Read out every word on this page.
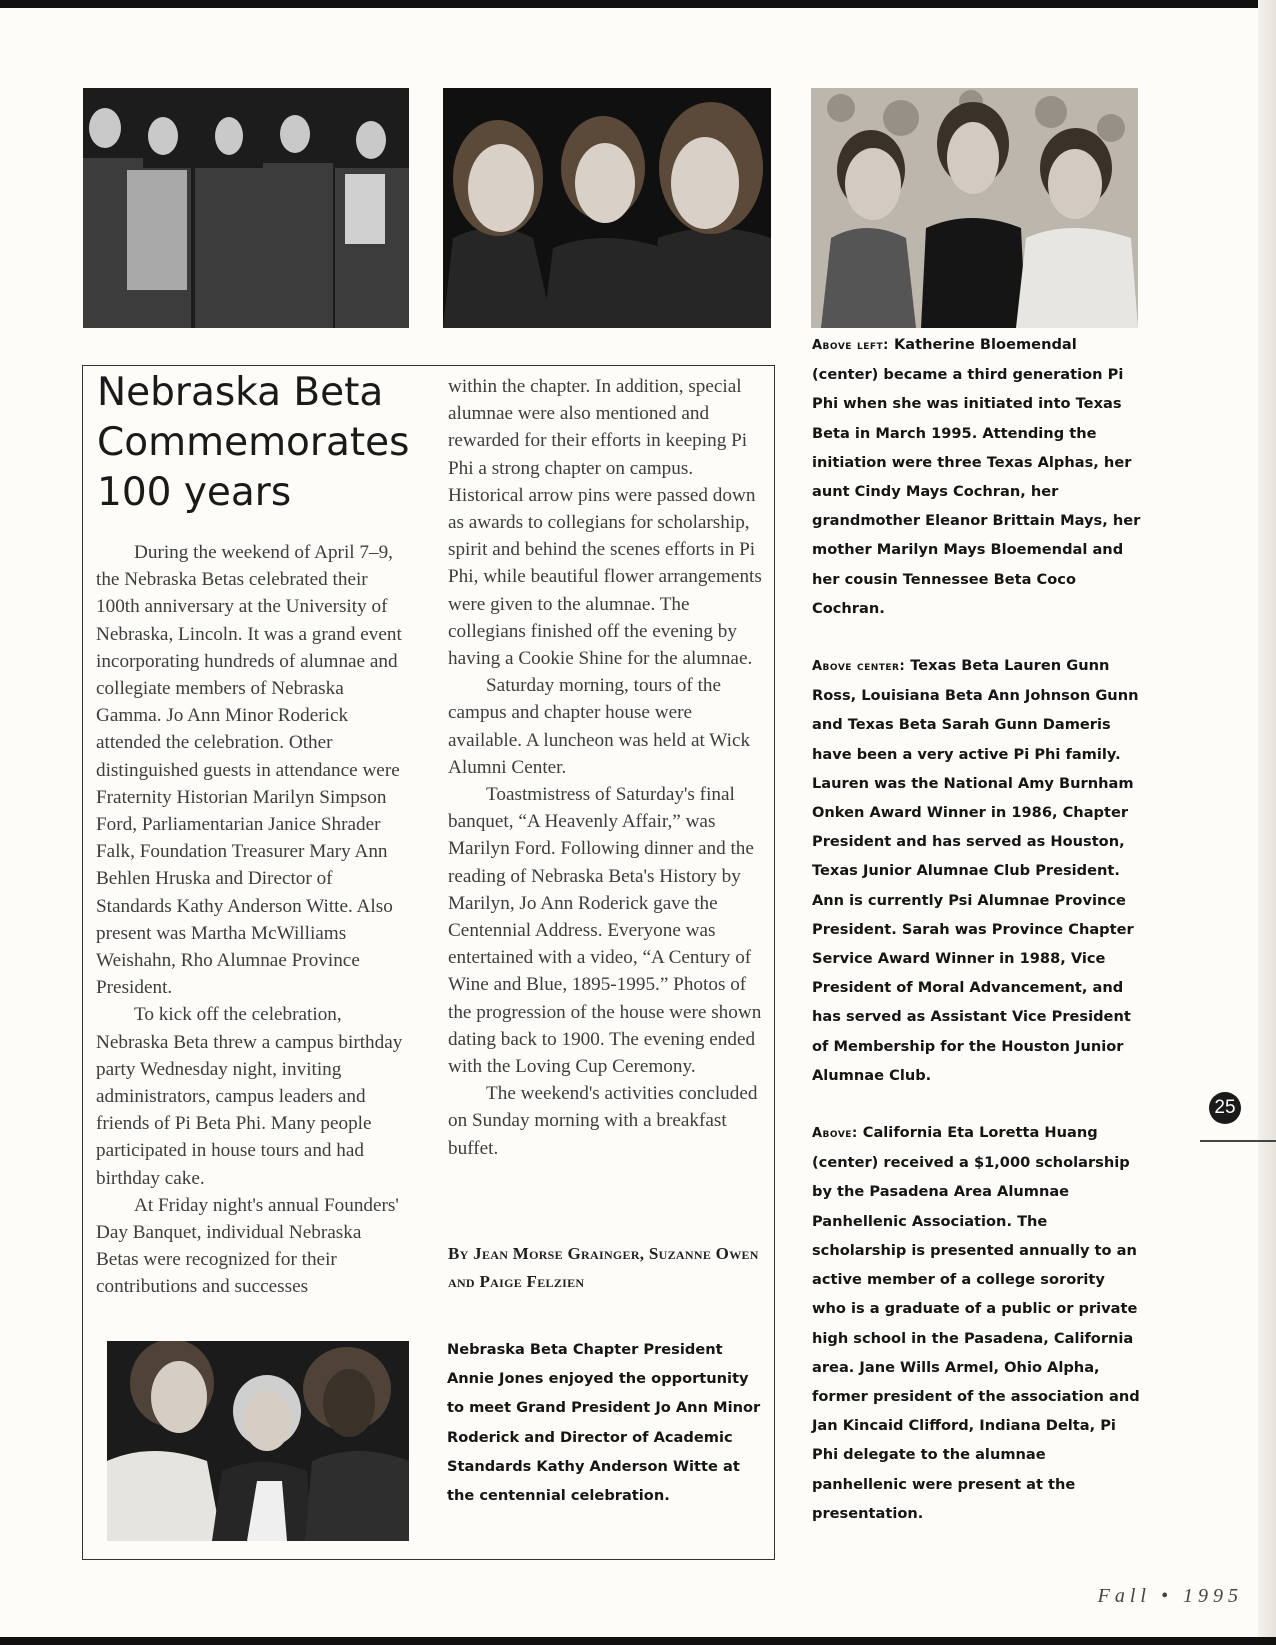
Nebraska Beta Commemorates 100 years

During the weekend of April 7–9, the Nebraska Betas celebrated their 100th anniversary at the University of Nebraska, Lincoln. It was a grand event incorporating hundreds of alumnae and collegiate members of Nebraska Gamma. Jo Ann Minor Roderick attended the celebration. Other distinguished guests in attendance were Fraternity Historian Marilyn Simpson Ford, Parliamentarian Janice Shrader Falk, Foundation Treasurer Mary Ann Behlen Hruska and Director of Standards Kathy Anderson Witte. Also present was Martha McWilliams Weishahn, Rho Alumnae Province President.

To kick off the celebration, Nebraska Beta threw a campus birthday party Wednesday night, inviting administrators, campus leaders and friends of Pi Beta Phi. Many people participated in house tours and had birthday cake.

At Friday night's annual Founders' Day Banquet, individual Nebraska Betas were recognized for their contributions and successes

within the chapter. In addition, special alumnae were also mentioned and rewarded for their efforts in keeping Pi Phi a strong chapter on campus. Historical arrow pins were passed down as awards to collegians for scholarship, spirit and behind the scenes efforts in Pi Phi, while beautiful flower arrangements were given to the alumnae. The collegians finished off the evening by having a Cookie Shine for the alumnae.

Saturday morning, tours of the campus and chapter house were available. A luncheon was held at Wick Alumni Center.

Toastmistress of Saturday's final banquet, “A Heavenly Affair,” was Marilyn Ford. Following dinner and the reading of Nebraska Beta's History by Marilyn, Jo Ann Roderick gave the Centennial Address. Everyone was entertained with a video, “A Century of Wine and Blue, 1895-1995.” Photos of the progression of the house were shown dating back to 1900. The evening ended with the Loving Cup Ceremony.

The weekend's activities concluded on Sunday morning with a breakfast buffet.

By Jean Morse Grainger, Suzanne Owen and Paige Felzien

Nebraska Beta Chapter President Annie Jones enjoyed the opportunity to meet Grand President Jo Ann Minor Roderick and Director of Academic Standards Kathy Anderson Witte at the centennial celebration.

Above left: Katherine Bloemendal (center) became a third generation Pi Phi when she was initiated into Texas Beta in March 1995. Attending the initiation were three Texas Alphas, her aunt Cindy Mays Cochran, her grandmother Eleanor Brittain Mays, her mother Marilyn Mays Bloemendal and her cousin Tennessee Beta Coco Cochran.

Above center: Texas Beta Lauren Gunn Ross, Louisiana Beta Ann Johnson Gunn and Texas Beta Sarah Gunn Dameris have been a very active Pi Phi family. Lauren was the National Amy Burnham Onken Award Winner in 1986, Chapter President and has served as Houston, Texas Junior Alumnae Club President. Ann is currently Psi Alumnae Province President. Sarah was Province Chapter Service Award Winner in 1988, Vice President of Moral Advancement, and has served as Assistant Vice President of Membership for the Houston Junior Alumnae Club.

Above: California Eta Loretta Huang (center) received a $1,000 scholarship by the Pasadena Area Alumnae Panhellenic Association. The scholarship is presented annually to an active member of a college sorority who is a graduate of a public or private high school in the Pasadena, California area. Jane Wills Armel, Ohio Alpha, former president of the association and Jan Kincaid Clifford, Indiana Delta, Pi Phi delegate to the alumnae panhellenic were present at the presentation.

25
Fall • 1995
